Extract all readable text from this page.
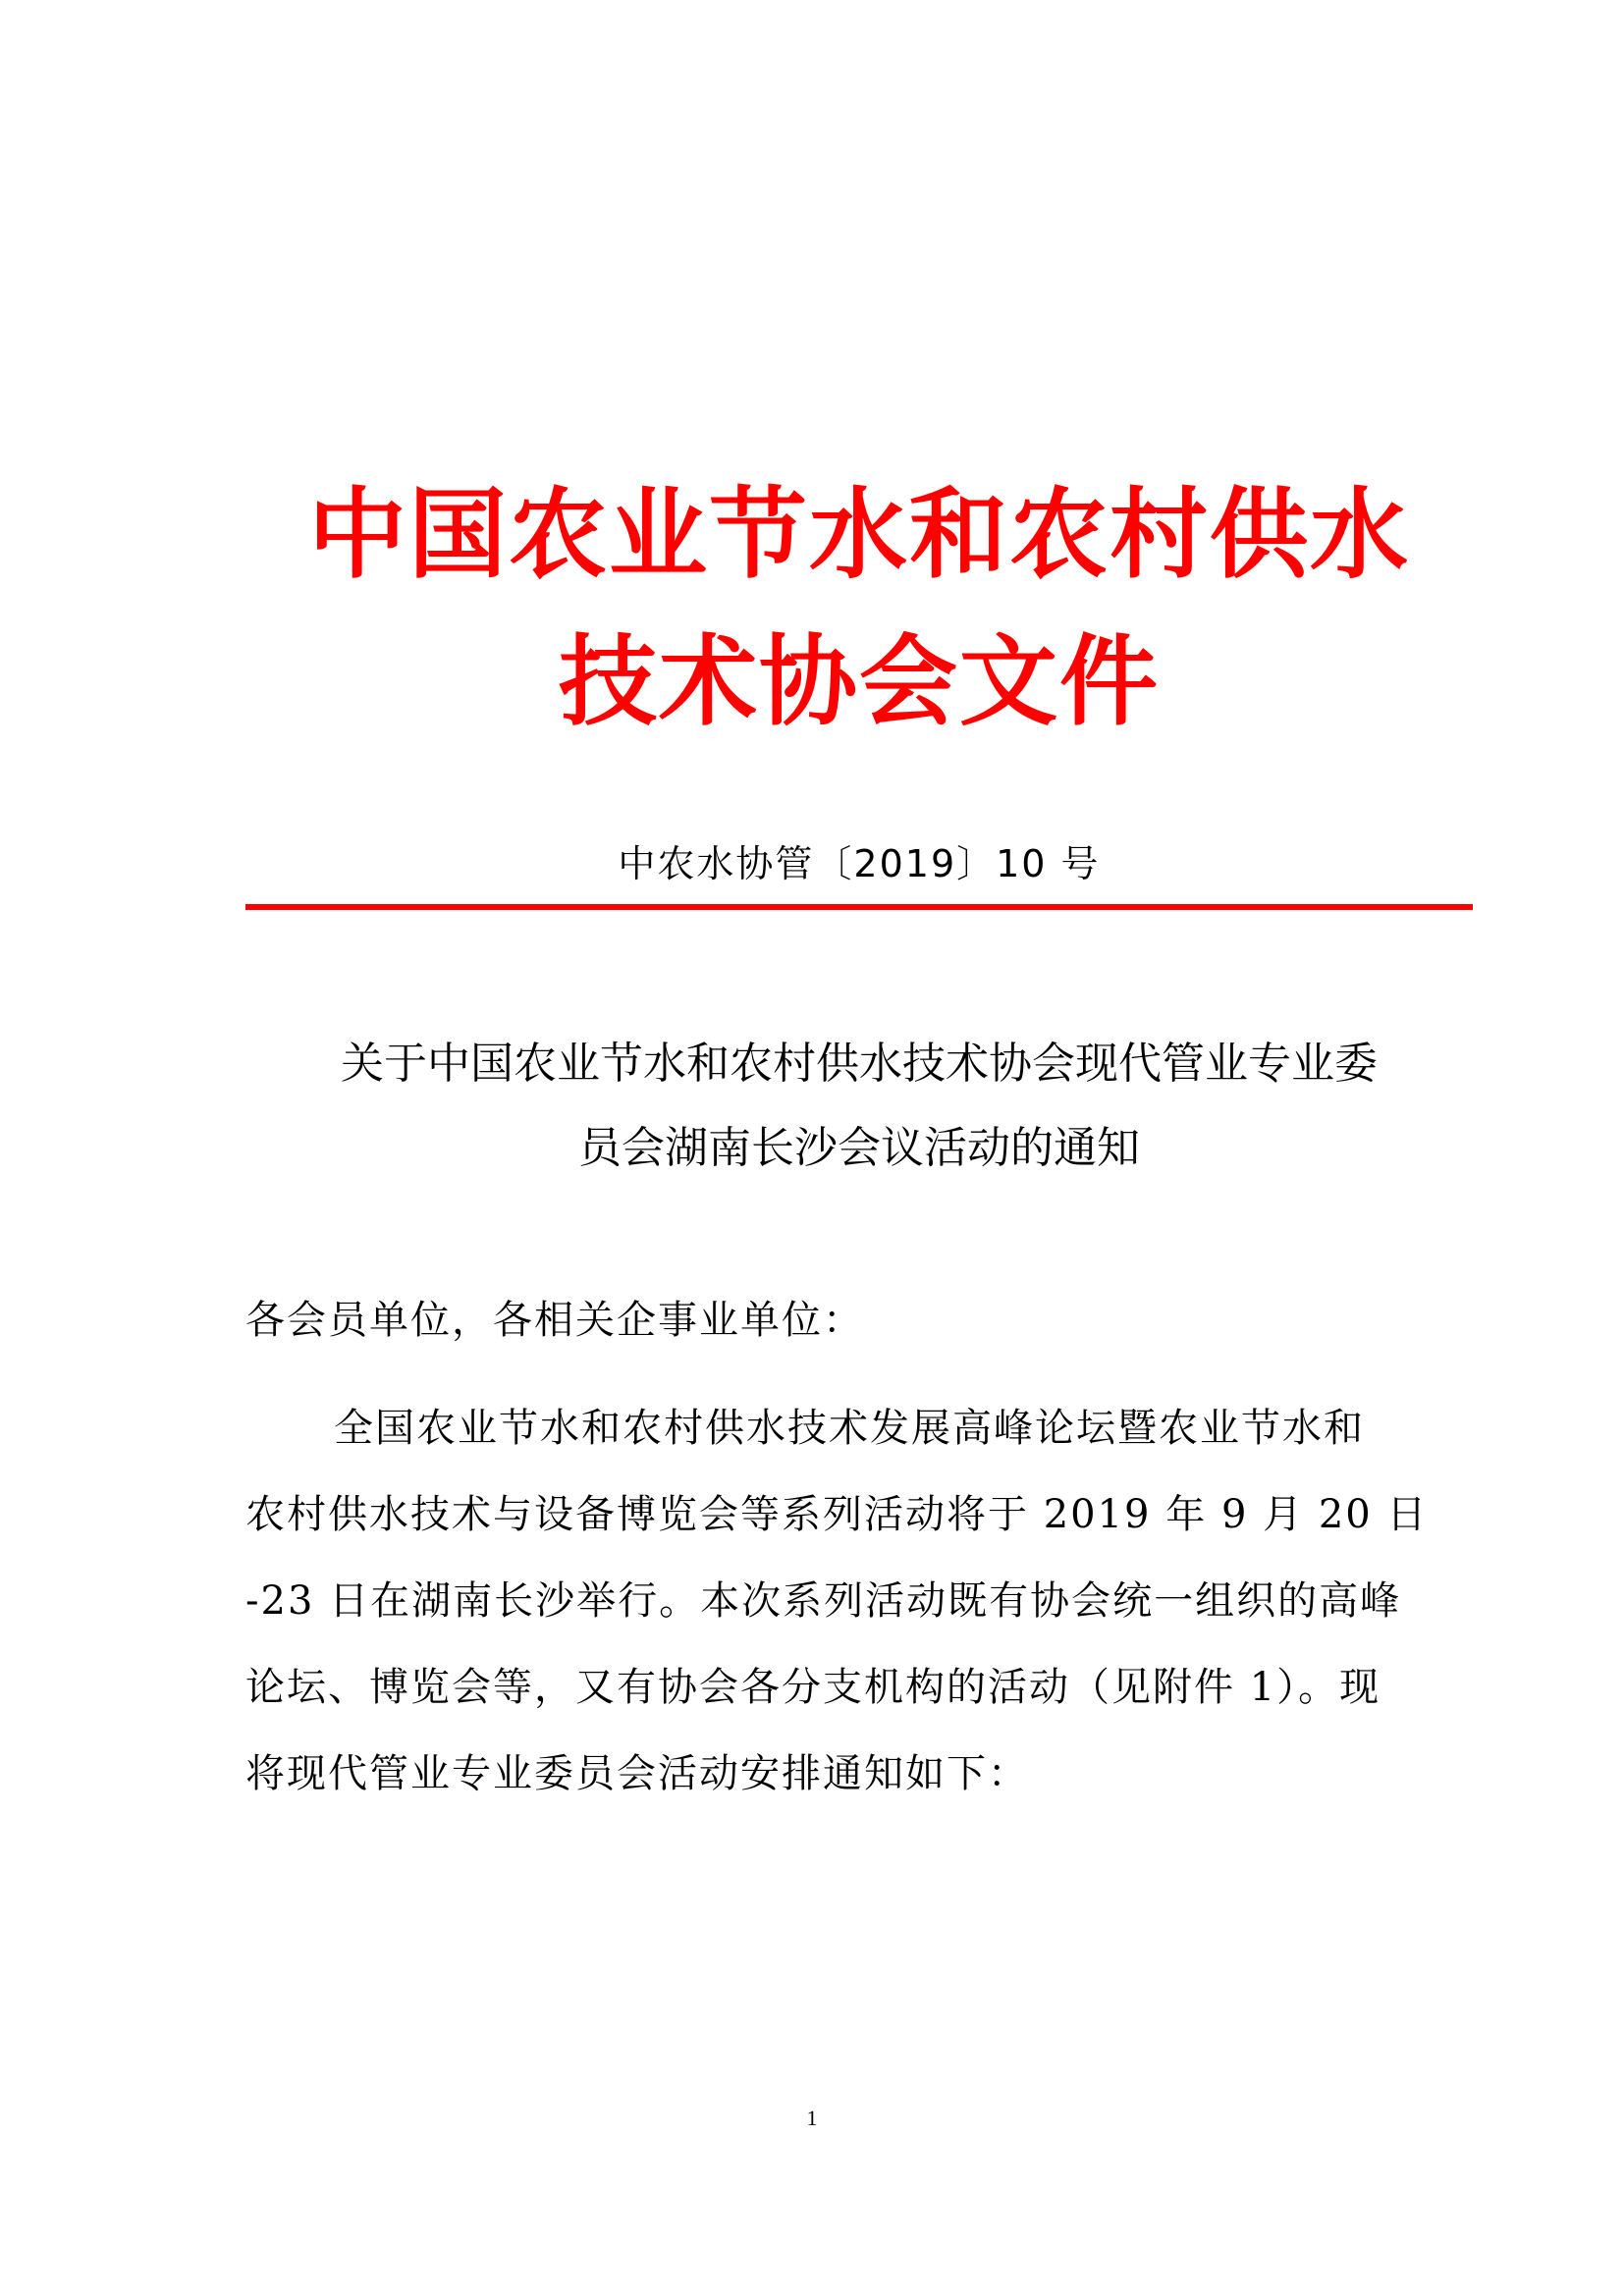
中国农业节水和农村供水
技术协会文件
中农水协管〔2019〕10 号
关于中国农业节水和农村供水技术协会现代管业专业委
员会湖南长沙会议活动的通知
各会员单位，各相关企事业单位：
全国农业节水和农村供水技术发展高峰论坛暨农业节水和
农村供水技术与设备博览会等系列活动将于 2019 年 9 月 20 日
-23 日在湖南长沙举行。本次系列活动既有协会统一组织的高峰
论坛、博览会等，又有协会各分支机构的活动（见附件 1）。现
将现代管业专业委员会活动安排通知如下：
1
